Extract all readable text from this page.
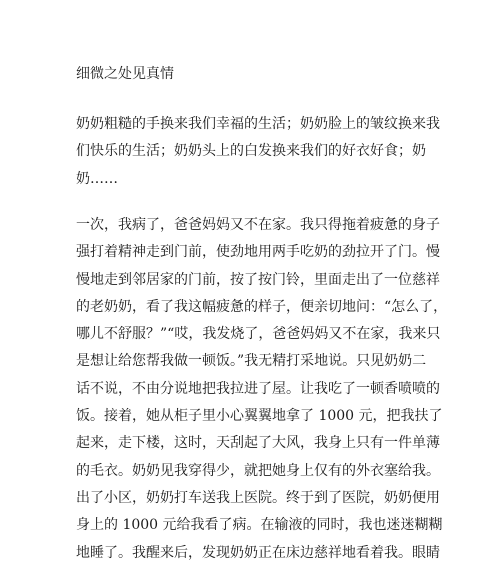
细微之处见真情

奶奶粗糙的手换来我们幸福的生活；奶奶脸上的皱纹换来我
们快乐的生活；奶奶头上的白发换来我们的好衣好食；奶
奶……

一次，我病了，爸爸妈妈又不在家。我只得拖着疲惫的身子
强打着精神走到门前，使劲地用两手吃奶的劲拉开了门。慢
慢地走到邻居家的门前，按了按门铃，里面走出了一位慈祥
的老奶奶，看了我这幅疲惫的样子，便亲切地问：“怎么了，
哪儿不舒服？”“哎，我发烧了，爸爸妈妈又不在家，我来只
是想让给您帮我做一顿饭。”我无精打采地说。只见奶奶二
话不说，不由分说地把我拉进了屋。让我吃了一顿香喷喷的
饭。接着，她从柜子里小心翼翼地拿了 1000 元，把我扶了
起来，走下楼，这时，天刮起了大风，我身上只有一件单薄
的毛衣。奶奶见我穿得少，就把她身上仅有的外衣塞给我。
出了小区，奶奶打车送我上医院。终于到了医院，奶奶便用
身上的 1000 元给我看了病。在输液的同时，我也迷迷糊糊
地睡了。我醒来后，发现奶奶正在床边慈祥地看着我。眼睛
